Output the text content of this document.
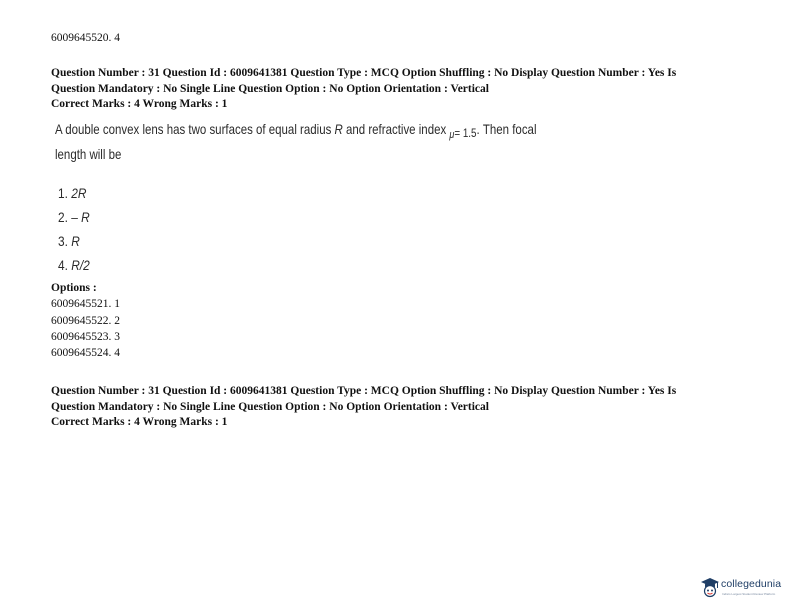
6009645520. 4
Question Number : 31 Question Id : 6009641381 Question Type : MCQ Option Shuffling : No Display Question Number : Yes Is
Question Mandatory : No Single Line Question Option : No Option Orientation : Vertical
Correct Marks : 4 Wrong Marks : 1
A double convex lens has two surfaces of equal radius R and refractive index $_\mu$= 1.5. Then focal
length will be
1. 2R
2. – R
3. R
4. R/2
Options :
6009645521. 1
6009645522. 2
6009645523. 3
6009645524. 4
Question Number : 31 Question Id : 6009641381 Question Type : MCQ Option Shuffling : No Display Question Number : Yes Is
Question Mandatory : No Single Line Question Option : No Option Orientation : Vertical
Correct Marks : 4 Wrong Marks : 1
collegedunia
India's Largest Student Review Platform
